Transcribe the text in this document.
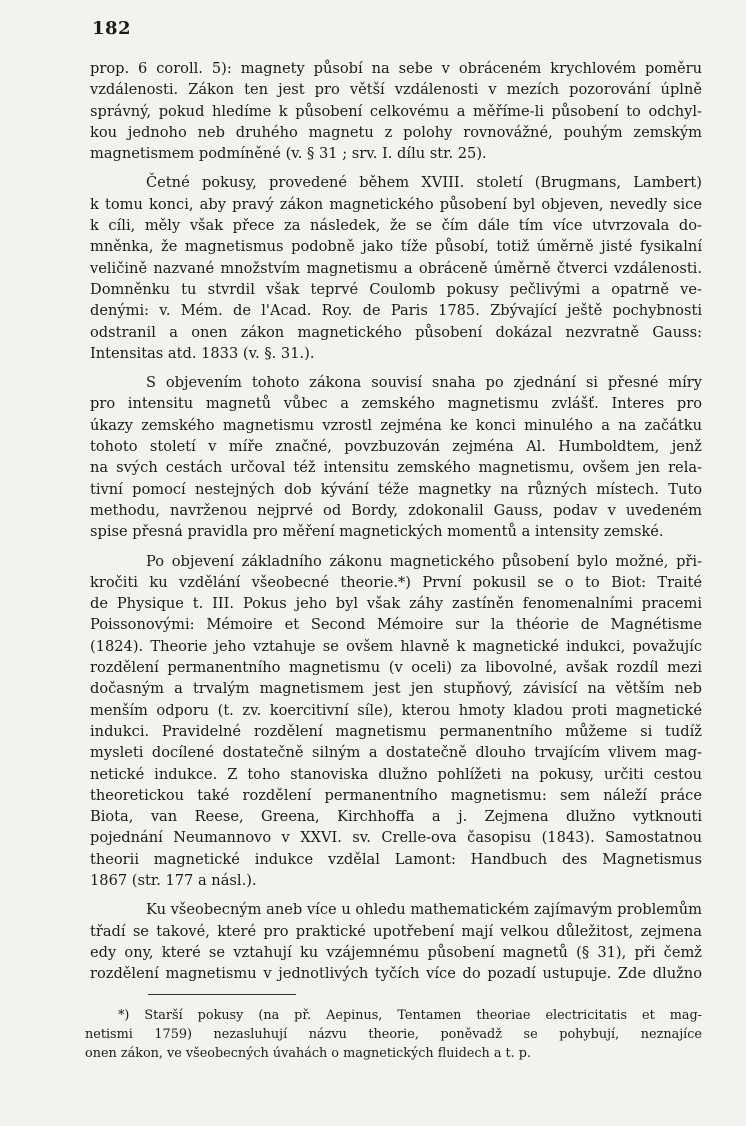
182
prop. 6 coroll. 5): magnety působí na sebe v obráceném krychlovém poměru
vzdálenosti. Zákon ten jest pro větší vzdálenosti v mezích pozorování úplně
správný, pokud hledíme k působení celkovému a měříme-li působení to odchyl-
kou jednoho neb druhého magnetu z polohy rovnovážné, pouhým zemským
magnetismem podmíněné (v. § 31 ; srv. I. dílu str. 25).
Četné pokusy, provedené během XVIII. století (Brugmans, Lambert)
k tomu konci, aby pravý zákon magnetického působení byl objeven, nevedly sice
k cíli, měly však přece za následek, že se čím dále tím více utvrzovala do-
mněnka, že magnetismus podobně jako tíže působí, totiž úměrně jisté fysikalní
veličině nazvané množstvím magnetismu a obráceně úměrně čtverci vzdálenosti.
Domněnku tu stvrdil však teprvé Coulomb pokusy pečlivými a opatrně ve-
denými: v. Mém. de l'Acad. Roy. de Paris 1785. Zbývající ještě pochybnosti
odstranil a onen zákon magnetického působení dokázal nezvratně Gauss:
Intensitas atd. 1833 (v. §. 31.).
S objevením tohoto zákona souvisí snaha po zjednání si přesné míry
pro intensitu magnetů vůbec a zemského magnetismu zvlášť. Interes pro
úkazy zemského magnetismu vzrostl zejména ke konci minulého a na začátku
tohoto století v míře značné, povzbuzován zejména Al. Humboldtem, jenž
na svých cestách určoval též intensitu zemského magnetismu, ovšem jen rela-
tivní pomocí nestejných dob kývání téže magnetky na různých místech. Tuto
methodu, navrženou nejprvé od Bordy, zdokonalil Gauss, podav v uvedeném
spise přesná pravidla pro měření magnetických momentů a intensity zemské.
Po objevení základního zákonu magnetického působení bylo možné, při-
kročiti ku vzdělání všeobecné theorie.*) První pokusil se o to Biot: Traité
de Physique t. III. Pokus jeho byl však záhy zastíněn fenomenalními pracemi
Poissonovými: Mémoire et Second Mémoire sur la théorie de Magnétisme
(1824). Theorie jeho vztahuje se ovšem hlavně k magnetické indukci, považujíc
rozdělení permanentního magnetismu (v oceli) za libovolné, avšak rozdíl mezi
dočasným a trvalým magnetismem jest jen stupňový, závisící na větším neb
menším odporu (t. zv. koercitivní síle), kterou hmoty kladou proti magnetické
indukci. Pravidelné rozdělení magnetismu permanentního můžeme si tudíž
mysleti docílené dostatečně silným a dostatečně dlouho trvajícím vlivem mag-
netické indukce. Z toho stanoviska dlužno pohlížeti na pokusy, určiti cestou
theoretickou také rozdělení permanentního magnetismu: sem náleží práce
Biota, van Reese, Greena, Kirchhoffa a j. Zejmena dlužno vytknouti
pojednání Neumannovo v XXVI. sv. Crelle-ova časopisu (1843). Samostatnou
theorii magnetické indukce vzdělal Lamont: Handbuch des Magnetismus
1867 (str. 177 a násl.).
Ku všeobecným aneb více u ohledu mathematickém zajímavým problemům
třadí se takové, které pro praktické upotřebení mají velkou důležitost, zejmena
edy ony, které se vztahují ku vzájemnému působení magnetů (§ 31), při čemž
rozdělení magnetismu v jednotlivých tyčích více do pozadí ustupuje. Zde dlužno
*) Starší pokusy (na př. Aepinus, Tentamen theoriae electricitatis et mag-
netismi 1759) nezasluhují názvu theorie, poněvadž se pohybují, neznajíce
onen zákon, ve všeobecných úvahách o magnetických fluidech a t. p.
